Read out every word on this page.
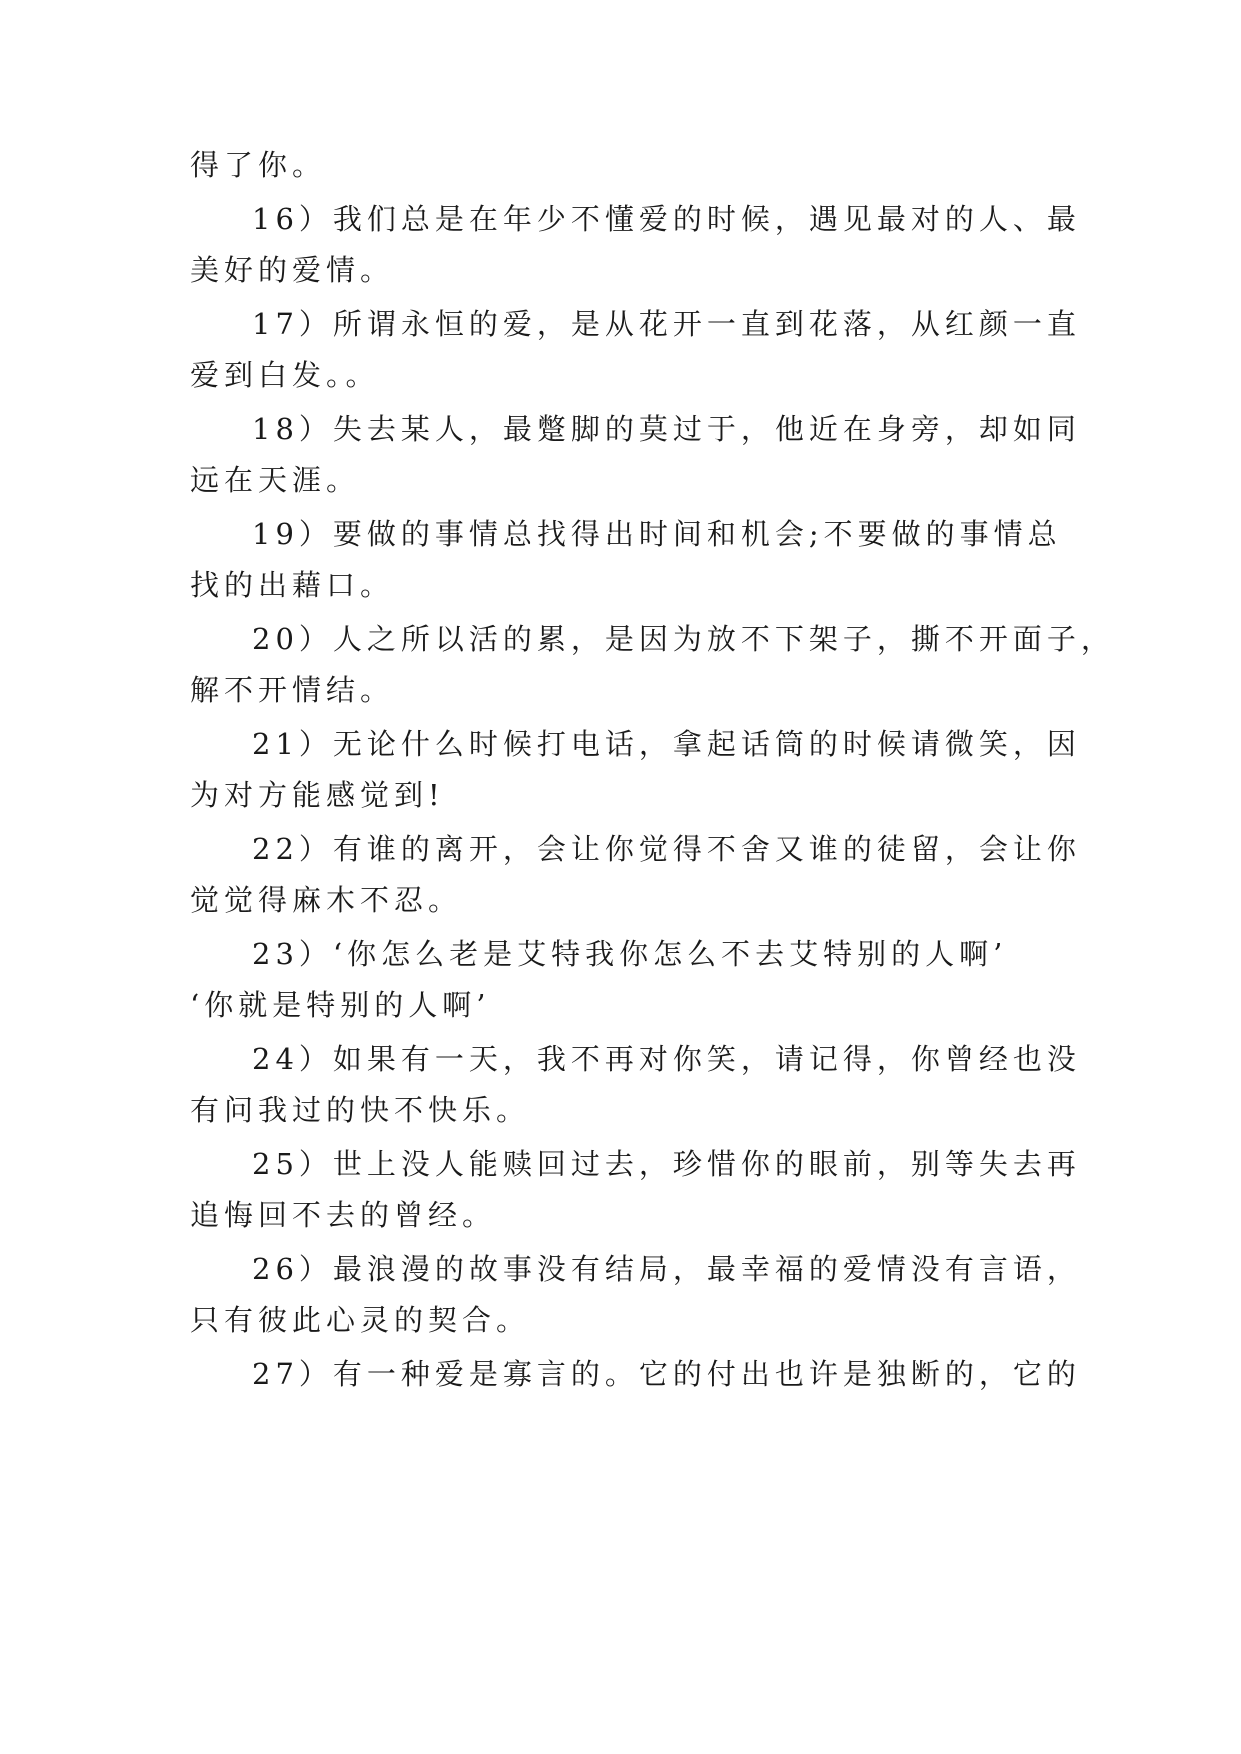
得了你。
16）我们总是在年少不懂爱的时候，遇见最对的人、最
美好的爱情。
17）所谓永恒的爱，是从花开一直到花落，从红颜一直
爱到白发。。
18）失去某人，最蹩脚的莫过于，他近在身旁，却如同
远在天涯。
19）要做的事情总找得出时间和机会;不要做的事情总
找的出藉口。
20）人之所以活的累，是因为放不下架子，撕不开面子，
解不开情结。
21）无论什么时候打电话，拿起话筒的时候请微笑，因
为对方能感觉到!
22）有谁的离开，会让你觉得不舍又谁的徒留，会让你
觉觉得麻木不忍。
23）‘你怎么老是艾特我你怎么不去艾特别的人啊’
‘你就是特别的人啊’
24）如果有一天，我不再对你笑，请记得，你曾经也没
有问我过的快不快乐。
25）世上没人能赎回过去，珍惜你的眼前，别等失去再
追悔回不去的曾经。
26）最浪漫的故事没有结局，最幸福的爱情没有言语，
只有彼此心灵的契合。
27）有一种爱是寡言的。它的付出也许是独断的，它的
